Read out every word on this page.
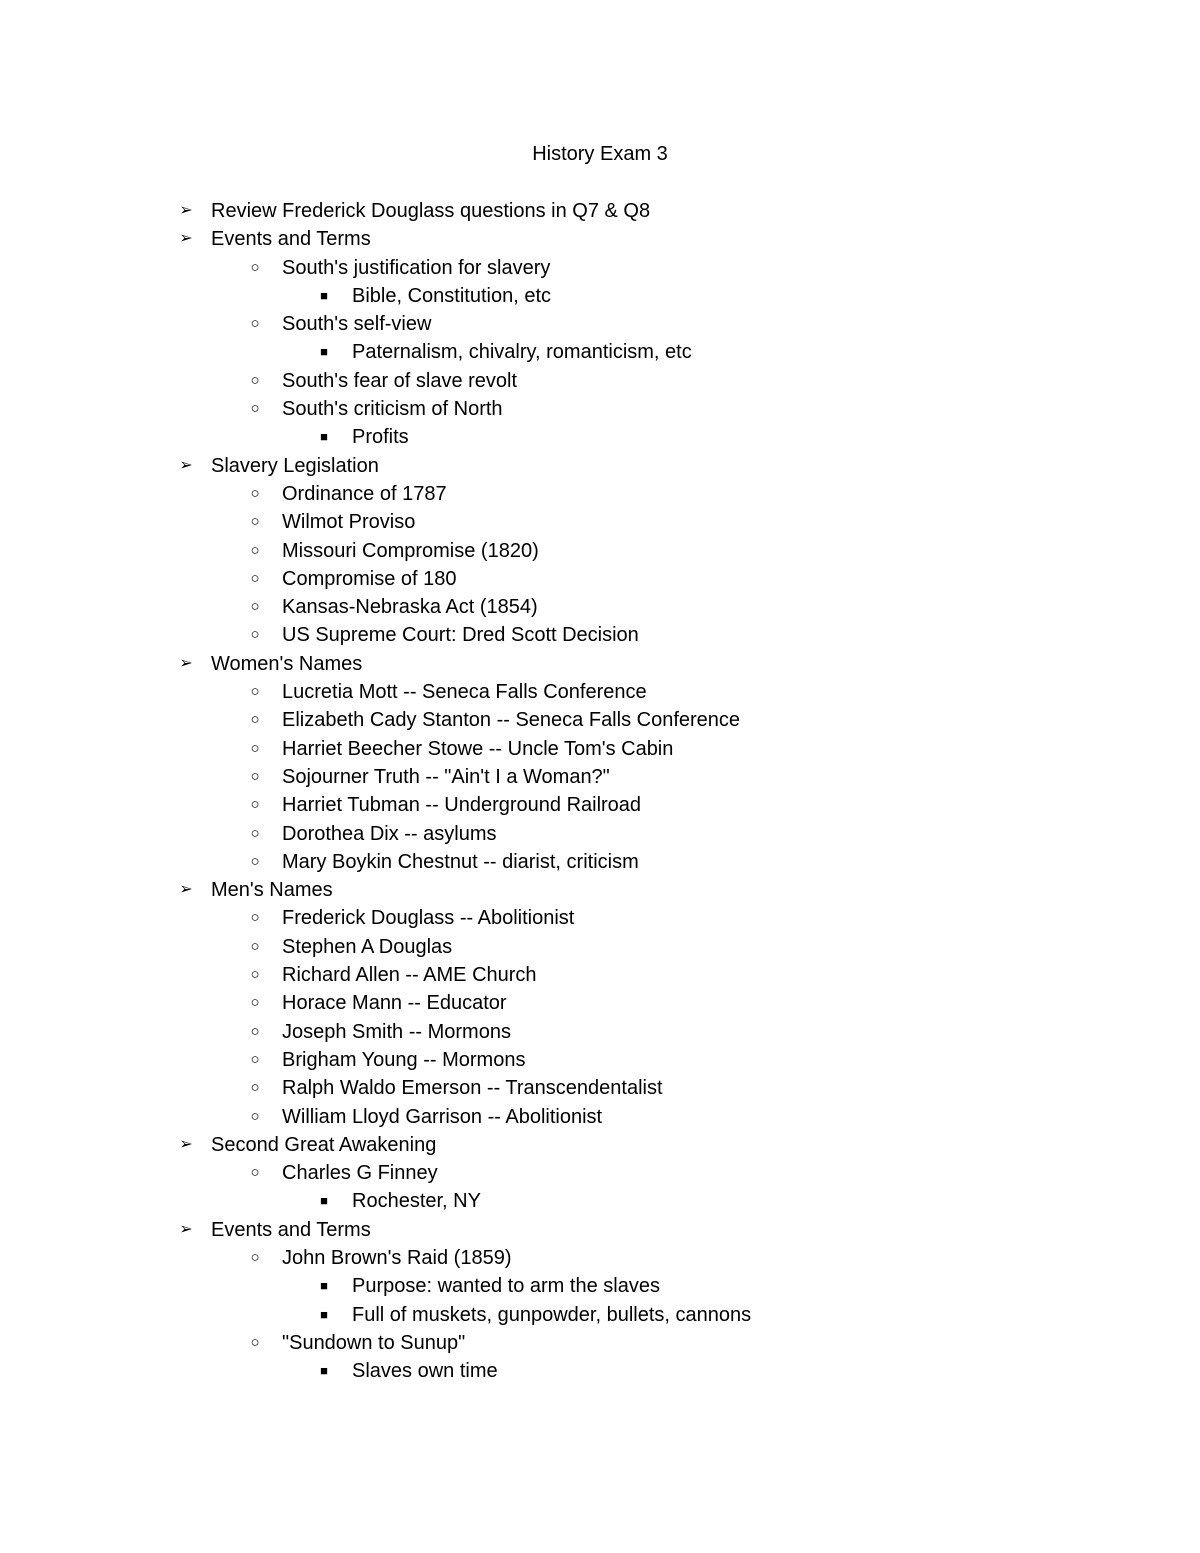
History Exam 3
➢ Review Frederick Douglass questions in Q7 & Q8
➢ Events and Terms
○ South's justification for slavery
■	Bible, Constitution, etc
○ South's self-view
■	Paternalism, chivalry, romanticism, etc
○ South's fear of slave revolt
○ South's criticism of North
■	Profits
➢ Slavery Legislation
○ Ordinance of 1787
○ Wilmot Proviso
○ Missouri Compromise (1820)
○ Compromise of 180
○ Kansas-Nebraska Act (1854)
○ US Supreme Court: Dred Scott Decision
➢ Women's Names
○ Lucretia Mott -- Seneca Falls Conference
○ Elizabeth Cady Stanton -- Seneca Falls Conference
○ Harriet Beecher Stowe -- Uncle Tom's Cabin
○ Sojourner Truth -- "Ain't I a Woman?"
○ Harriet Tubman -- Underground Railroad
○ Dorothea Dix -- asylums
○ Mary Boykin Chestnut -- diarist, criticism
➢ Men's Names
○ Frederick Douglass -- Abolitionist
○ Stephen A Douglas
○ Richard Allen -- AME Church
○ Horace Mann -- Educator
○ Joseph Smith -- Mormons
○ Brigham Young -- Mormons
○ Ralph Waldo Emerson -- Transcendentalist
○ William Lloyd Garrison -- Abolitionist
➢ Second Great Awakening
○ Charles G Finney
■	Rochester, NY
➢ Events and Terms
○ John Brown's Raid (1859)
■	Purpose: wanted to arm the slaves
■	Full of muskets, gunpowder, bullets, cannons
○ "Sundown to Sunup"
■	Slaves own time
